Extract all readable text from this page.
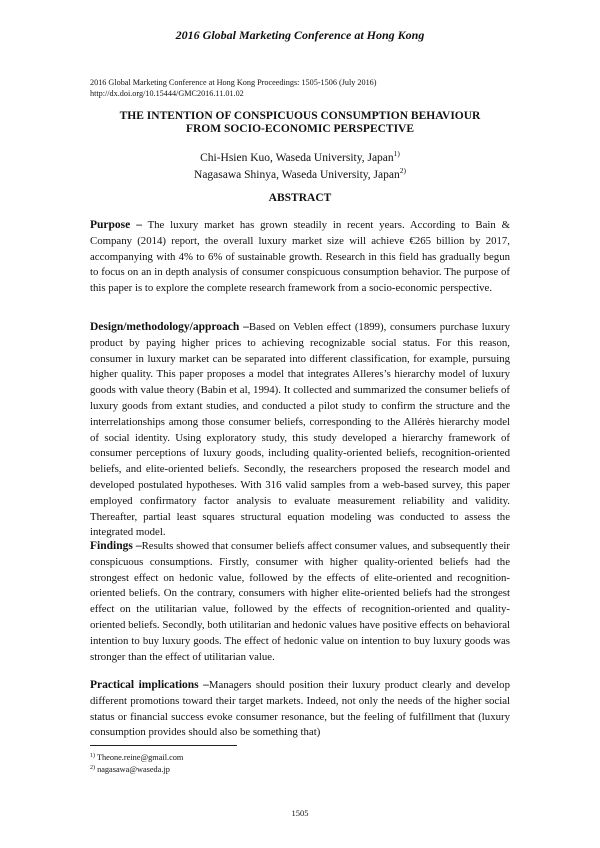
2016 Global Marketing Conference at Hong Kong
2016 Global Marketing Conference at Hong Kong Proceedings: 1505-1506 (July 2016)
http://dx.doi.org/10.15444/GMC2016.11.01.02
THE INTENTION OF CONSPICUOUS CONSUMPTION BEHAVIOUR
FROM SOCIO-ECONOMIC PERSPECTIVE
Chi-Hsien Kuo, Waseda University, Japan$^{1)}$
Nagasawa Shinya, Waseda University, Japan$^{2)}$
ABSTRACT

Purpose – The luxury market has grown steadily in recent years. According to Bain & Company (2014) report, the overall luxury market size will achieve €265 billion by 2017, accompanying with 4% to 6% of sustainable growth. Research in this field has gradually begun to focus on an in depth analysis of consumer conspicuous consumption behavior. The purpose of this paper is to explore the complete research framework from a socio-economic perspective.

Design/methodology/approach –Based on Veblen effect (1899), consumers purchase luxury product by paying higher prices to achieving recognizable social status. For this reason, consumer in luxury market can be separated into different classification, for example, pursuing higher quality. This paper proposes a model that integrates Alleres’s hierarchy model of luxury goods with value theory (Babin et al, 1994). It collected and summarized the consumer beliefs of luxury goods from extant studies, and conducted a pilot study to confirm the structure and the interrelationships among those consumer beliefs, corresponding to the Allérès hierarchy model of social identity. Using exploratory study, this study developed a hierarchy framework of consumer perceptions of luxury goods, including quality-oriented beliefs, recognition-oriented beliefs, and elite-oriented beliefs. Secondly, the researchers proposed the research model and developed postulated hypotheses. With 316 valid samples from a web-based survey, this paper employed confirmatory factor analysis to evaluate measurement reliability and validity. Thereafter, partial least squares structural equation modeling was conducted to assess the integrated model.

Findings –Results showed that consumer beliefs affect consumer values, and subsequently their conspicuous consumptions. Firstly, consumer with higher quality-oriented beliefs had the strongest effect on hedonic value, followed by the effects of elite-oriented and recognition-oriented beliefs. On the contrary, consumers with higher elite-oriented beliefs had the strongest effect on the utilitarian value, followed by the effects of recognition-oriented and quality-oriented beliefs. Secondly, both utilitarian and hedonic values have positive effects on behavioral intention to buy luxury goods. The effect of hedonic value on intention to buy luxury goods was stronger than the effect of utilitarian value.

Practical implications –Managers should position their luxury product clearly and develop different promotions toward their target markets. Indeed, not only the needs of the higher social status or financial success evoke consumer resonance, but the feeling of fulfillment that (luxury consumption provides should also be something that)

$^{1)}$ Theone.reine@gmail.com
$^{2)}$ nagasawa@waseda.jp
1505
